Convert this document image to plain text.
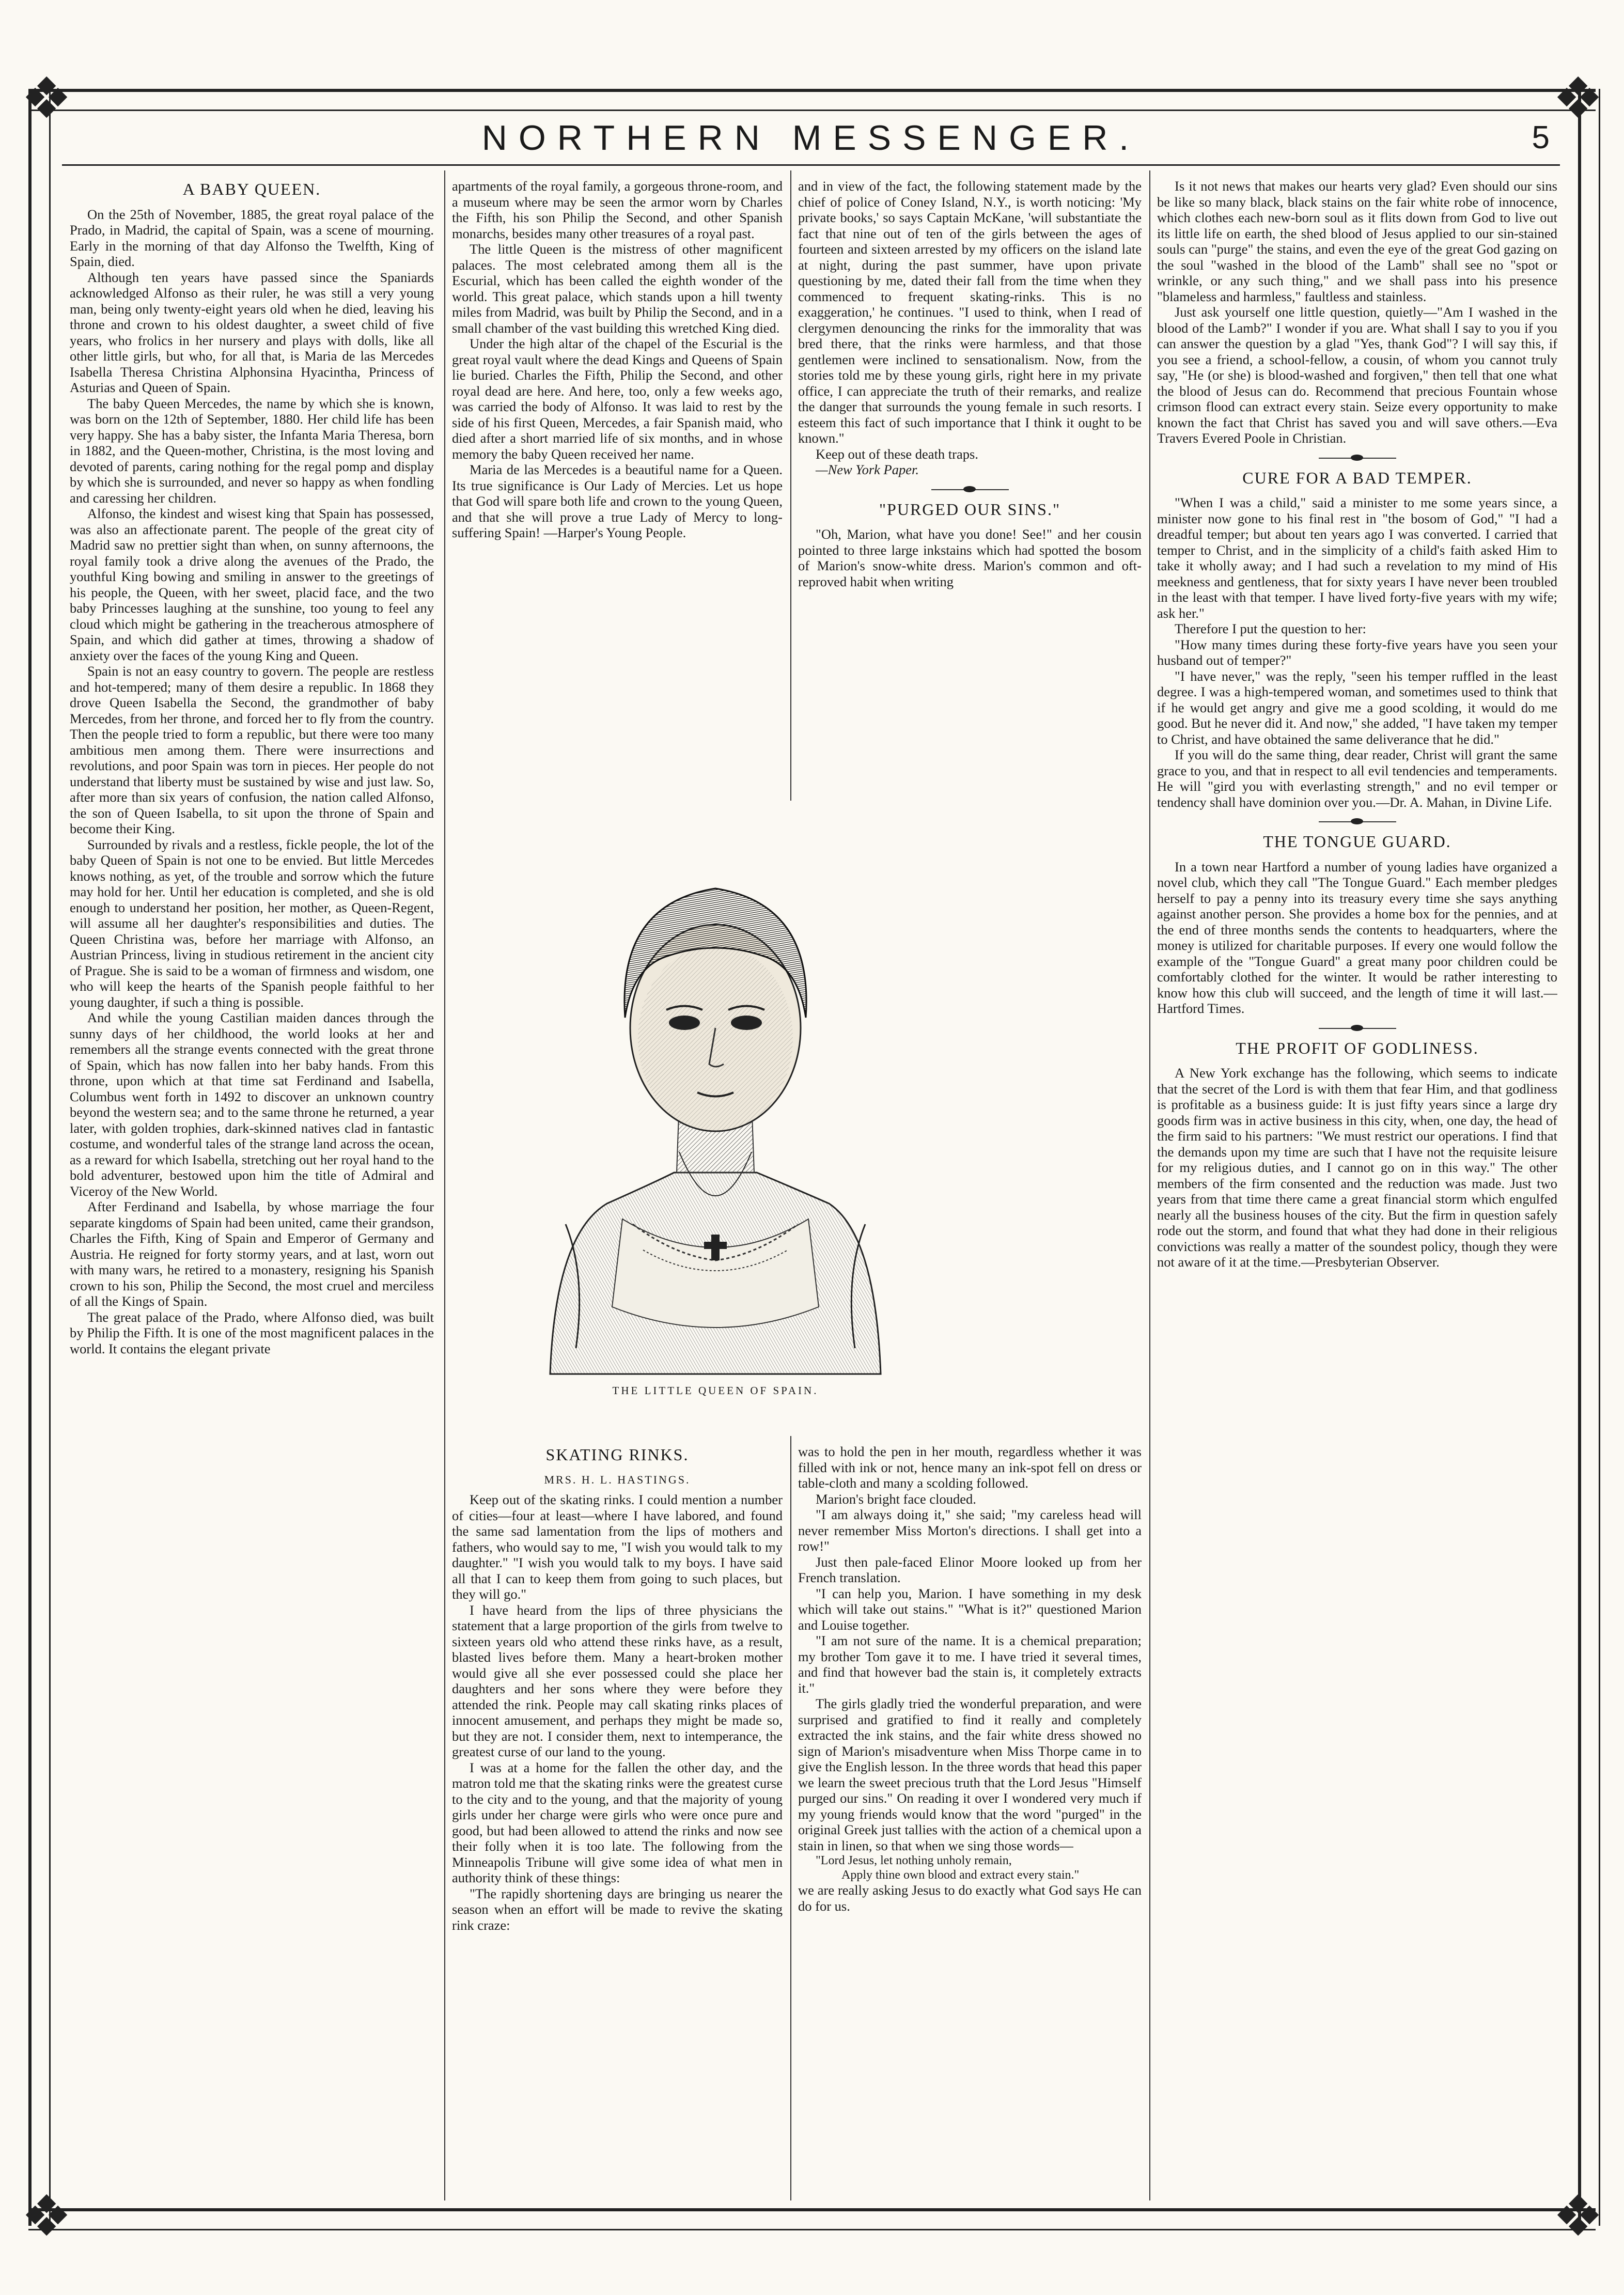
❖	❖
❖	❖
NORTHERN MESSENGER.	5
A BABY QUEEN.

On the 25th of November, 1885, the great royal palace of the Prado, in Madrid, the capital of Spain, was a scene of mourning. Early in the morning of that day Alfonso the Twelfth, King of Spain, died.

Although ten years have passed since the Spaniards acknowledged Alfonso as their ruler, he was still a very young man, being only twenty-eight years old when he died, leaving his throne and crown to his oldest daughter, a sweet child of five years, who frolics in her nursery and plays with dolls, like all other little girls, but who, for all that, is Maria de las Mercedes Isabella Theresa Christina Alphonsina Hyacintha, Princess of Asturias and Queen of Spain.

The baby Queen Mercedes, the name by which she is known, was born on the 12th of September, 1880. Her child life has been very happy. She has a baby sister, the Infanta Maria Theresa, born in 1882, and the Queen-mother, Christina, is the most loving and devoted of parents, caring nothing for the regal pomp and display by which she is surrounded, and never so happy as when fondling and caressing her children.

Alfonso, the kindest and wisest king that Spain has possessed, was also an affectionate parent. The people of the great city of Madrid saw no prettier sight than when, on sunny afternoons, the royal family took a drive along the avenues of the Prado, the youthful King bowing and smiling in answer to the greetings of his people, the Queen, with her sweet, placid face, and the two baby Princesses laughing at the sunshine, too young to feel any cloud which might be gathering in the treacherous atmosphere of Spain, and which did gather at times, throwing a shadow of anxiety over the faces of the young King and Queen.

Spain is not an easy country to govern. The people are restless and hot-tempered; many of them desire a republic. In 1868 they drove Queen Isabella the Second, the grandmother of baby Mercedes, from her throne, and forced her to fly from the country. Then the people tried to form a republic, but there were too many ambitious men among them. There were insurrections and revolutions, and poor Spain was torn in pieces. Her people do not understand that liberty must be sustained by wise and just law. So, after more than six years of confusion, the nation called Alfonso, the son of Queen Isabella, to sit upon the throne of Spain and become their King.

Surrounded by rivals and a restless, fickle people, the lot of the baby Queen of Spain is not one to be envied. But little Mercedes knows nothing, as yet, of the trouble and sorrow which the future may hold for her. Until her education is completed, and she is old enough to understand her position, her mother, as Queen-Regent, will assume all her daughter's responsibilities and duties. The Queen Christina was, before her marriage with Alfonso, an Austrian Princess, living in studious retirement in the ancient city of Prague. She is said to be a woman of firmness and wisdom, one who will keep the hearts of the Spanish people faithful to her young daughter, if such a thing is possible.

And while the young Castilian maiden dances through the sunny days of her childhood, the world looks at her and remembers all the strange events connected with the great throne of Spain, which has now fallen into her baby hands. From this throne, upon which at that time sat Ferdinand and Isabella, Columbus went forth in 1492 to discover an unknown country beyond the western sea; and to the same throne he returned, a year later, with golden trophies, dark-skinned natives clad in fantastic costume, and wonderful tales of the strange land across the ocean, as a reward for which Isabella, stretching out her royal hand to the bold adventurer, bestowed upon him the title of Admiral and Viceroy of the New World.

After Ferdinand and Isabella, by whose marriage the four separate kingdoms of Spain had been united, came their grandson, Charles the Fifth, King of Spain and Emperor of Germany and Austria. He reigned for forty stormy years, and at last, worn out with many wars, he retired to a monastery, resigning his Spanish crown to his son, Philip the Second, the most cruel and merciless of all the Kings of Spain.

The great palace of the Prado, where Alfonso died, was built by Philip the Fifth. It is one of the most magnificent palaces in the world. It contains the elegant private

apartments of the royal family, a gorgeous throne-room, and a museum where may be seen the armor worn by Charles the Fifth, his son Philip the Second, and other Spanish monarchs, besides many other treasures of a royal past.

The little Queen is the mistress of other magnificent palaces. The most celebrated among them all is the Escurial, which has been called the eighth wonder of the world. This great palace, which stands upon a hill twenty miles from Madrid, was built by Philip the Second, and in a small chamber of the vast building this wretched King died.

Under the high altar of the chapel of the Escurial is the great royal vault where the dead Kings and Queens of Spain lie buried. Charles the Fifth, Philip the Second, and other royal dead are here. And here, too, only a few weeks ago, was carried the body of Alfonso. It was laid to rest by the side of his first Queen, Mercedes, a fair Spanish maid, who died after a short married life of six months, and in whose memory the baby Queen received her name.

Maria de las Mercedes is a beautiful name for a Queen. Its true significance is Our Lady of Mercies. Let us hope that God will spare both life and crown to the young Queen, and that she will prove a true Lady of Mercy to long-suffering Spain! —Harper's Young People.

and in view of the fact, the following statement made by the chief of police of Coney Island, N.Y., is worth noticing: 'My private books,' so says Captain McKane, 'will substantiate the fact that nine out of ten of the girls between the ages of fourteen and sixteen arrested by my officers on the island late at night, during the past summer, have upon private questioning by me, dated their fall from the time when they commenced to frequent skating-rinks. This is no exaggeration,' he continues. "I used to think, when I read of clergymen denouncing the rinks for the immorality that was bred there, that the rinks were harmless, and that those gentlemen were inclined to sensationalism. Now, from the stories told me by these young girls, right here in my private office, I can appreciate the truth of their remarks, and realize the danger that surrounds the young female in such resorts. I esteem this fact of such importance that I think it ought to be known."

Keep out of these death traps.

—New York Paper.

"PURGED OUR SINS."

"Oh, Marion, what have you done! See!" and her cousin pointed to three large inkstains which had spotted the bosom of Marion's snow-white dress. Marion's common and oft-reproved habit when writing

THE LITTLE QUEEN OF SPAIN.
SKATING RINKS.
MRS. H. L. HASTINGS.

Keep out of the skating rinks. I could mention a number of cities—four at least—where I have labored, and found the same sad lamentation from the lips of mothers and fathers, who would say to me, "I wish you would talk to my daughter." "I wish you would talk to my boys. I have said all that I can to keep them from going to such places, but they will go."

I have heard from the lips of three physicians the statement that a large proportion of the girls from twelve to sixteen years old who attend these rinks have, as a result, blasted lives before them. Many a heart-broken mother would give all she ever possessed could she place her daughters and her sons where they were before they attended the rink. People may call skating rinks places of innocent amusement, and perhaps they might be made so, but they are not. I consider them, next to intemperance, the greatest curse of our land to the young.

I was at a home for the fallen the other day, and the matron told me that the skating rinks were the greatest curse to the city and to the young, and that the majority of young girls under her charge were girls who were once pure and good, but had been allowed to attend the rinks and now see their folly when it is too late. The following from the Minneapolis Tribune will give some idea of what men in authority think of these things:

"The rapidly shortening days are bringing us nearer the season when an effort will be made to revive the skating rink craze:

was to hold the pen in her mouth, regardless whether it was filled with ink or not, hence many an ink-spot fell on dress or table-cloth and many a scolding followed.

Marion's bright face clouded.

"I am always doing it," she said; "my careless head will never remember Miss Morton's directions. I shall get into a row!"

Just then pale-faced Elinor Moore looked up from her French translation.

"I can help you, Marion. I have something in my desk which will take out stains." "What is it?" questioned Marion and Louise together.

"I am not sure of the name. It is a chemical preparation; my brother Tom gave it to me. I have tried it several times, and find that however bad the stain is, it completely extracts it."

The girls gladly tried the wonderful preparation, and were surprised and gratified to find it really and completely extracted the ink stains, and the fair white dress showed no sign of Marion's misadventure when Miss Thorpe came in to give the English lesson. In the three words that head this paper we learn the sweet precious truth that the Lord Jesus "Himself purged our sins." On reading it over I wondered very much if my young friends would know that the word "purged" in the original Greek just tallies with the action of a chemical upon a stain in linen, so that when we sing those words—

"Lord Jesus, let nothing unholy remain,

Apply thine own blood and extract every stain."

we are really asking Jesus to do exactly what God says He can do for us.

Is it not news that makes our hearts very glad? Even should our sins be like so many black, black stains on the fair white robe of innocence, which clothes each new-born soul as it flits down from God to live out its little life on earth, the shed blood of Jesus applied to our sin-stained souls can "purge" the stains, and even the eye of the great God gazing on the soul "washed in the blood of the Lamb" shall see no "spot or wrinkle, or any such thing," and we shall pass into his presence "blameless and harmless," faultless and stainless.

Just ask yourself one little question, quietly—"Am I washed in the blood of the Lamb?" I wonder if you are. What shall I say to you if you can answer the question by a glad "Yes, thank God"? I will say this, if you see a friend, a school-fellow, a cousin, of whom you cannot truly say, "He (or she) is blood-washed and forgiven," then tell that one what the blood of Jesus can do. Recommend that precious Fountain whose crimson flood can extract every stain. Seize every opportunity to make known the fact that Christ has saved you and will save others.—Eva Travers Evered Poole in Christian.

CURE FOR A BAD TEMPER.

"When I was a child," said a minister to me some years since, a minister now gone to his final rest in "the bosom of God," "I had a dreadful temper; but about ten years ago I was converted. I carried that temper to Christ, and in the simplicity of a child's faith asked Him to take it wholly away; and I had such a revelation to my mind of His meekness and gentleness, that for sixty years I have never been troubled in the least with that temper. I have lived forty-five years with my wife; ask her."

Therefore I put the question to her:

"How many times during these forty-five years have you seen your husband out of temper?"

"I have never," was the reply, "seen his temper ruffled in the least degree. I was a high-tempered woman, and sometimes used to think that if he would get angry and give me a good scolding, it would do me good. But he never did it. And now," she added, "I have taken my temper to Christ, and have obtained the same deliverance that he did."

If you will do the same thing, dear reader, Christ will grant the same grace to you, and that in respect to all evil tendencies and temperaments. He will "gird you with everlasting strength," and no evil temper or tendency shall have dominion over you.—Dr. A. Mahan, in Divine Life.

THE TONGUE GUARD.

In a town near Hartford a number of young ladies have organized a novel club, which they call "The Tongue Guard." Each member pledges herself to pay a penny into its treasury every time she says anything against another person. She provides a home box for the pennies, and at the end of three months sends the contents to headquarters, where the money is utilized for charitable purposes. If every one would follow the example of the "Tongue Guard" a great many poor children could be comfortably clothed for the winter. It would be rather interesting to know how this club will succeed, and the length of time it will last.—Hartford Times.

THE PROFIT OF GODLINESS.

A New York exchange has the following, which seems to indicate that the secret of the Lord is with them that fear Him, and that godliness is profitable as a business guide: It is just fifty years since a large dry goods firm was in active business in this city, when, one day, the head of the firm said to his partners: "We must restrict our operations. I find that the demands upon my time are such that I have not the requisite leisure for my religious duties, and I cannot go on in this way." The other members of the firm consented and the reduction was made. Just two years from that time there came a great financial storm which engulfed nearly all the business houses of the city. But the firm in question safely rode out the storm, and found that what they had done in their religious convictions was really a matter of the soundest policy, though they were not aware of it at the time.—Presbyterian Observer.
